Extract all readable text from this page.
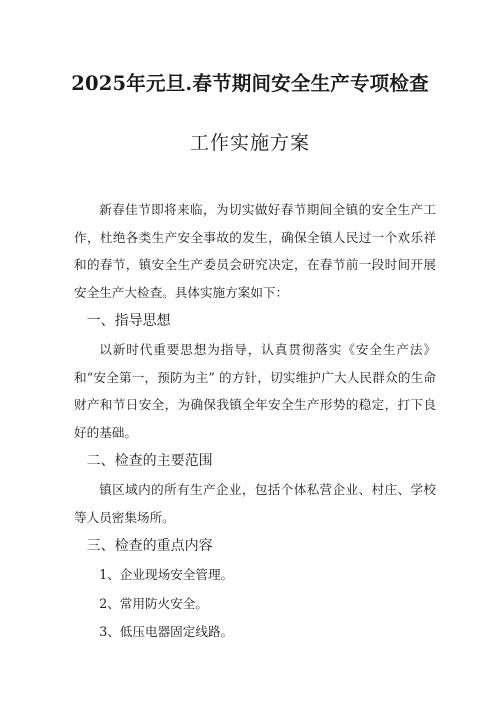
2025年元旦.春节期间安全生产专项检查
工作实施方案

新春佳节即将来临，为切实做好春节期间全镇的安全生产工作，杜绝各类生产安全事故的发生，确保全镇人民过一个欢乐祥和的春节，镇安全生产委员会研究决定，在春节前一段时间开展安全生产大检查。具体实施方案如下：

一、指导思想

以新时代重要思想为指导，认真贯彻落实《安全生产法》和“安全第一，预防为主” 的方针，切实维护广大人民群众的生命财产和节日安全，为确保我镇全年安全生产形势的稳定，打下良好的基础。

二、检查的主要范围

镇区域内的所有生产企业，包括个体私营企业、村庄、学校等人员密集场所。

三、检查的重点内容

1、企业现场安全管理。

2、常用防火安全。

3、低压电器固定线路。
